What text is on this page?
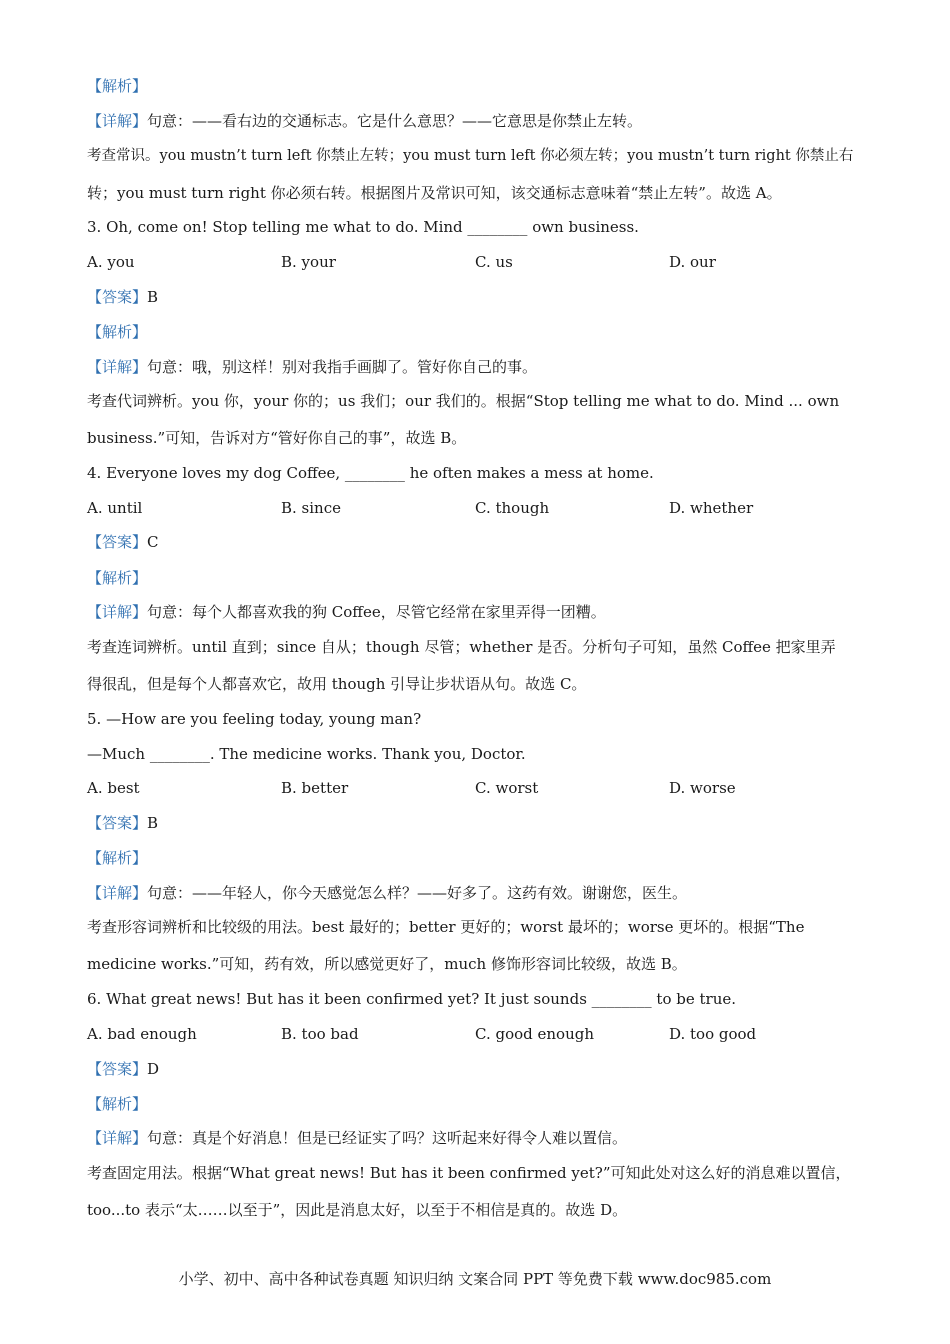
【解析】
【详解】句意：——看右边的交通标志。它是什么意思？——它意思是你禁止左转。
考查常识。you mustn’t turn left 你禁止左转；you must turn left 你必须左转；you mustn’t turn right 你禁止右
转；you must turn right 你必须右转。根据图片及常识可知，该交通标志意味着“禁止左转”。故选 A。
3. Oh, come on! Stop telling me what to do. Mind ________ own business.
A. you	B. your	C. us	D. our
【答案】B
【解析】
【详解】句意：哦，别这样！别对我指手画脚了。管好你自己的事。
考查代词辨析。you 你，your 你的；us 我们；our 我们的。根据“Stop telling me what to do. Mind ... own
business.”可知，告诉对方“管好你自己的事”，故选 B。
4. Everyone loves my dog Coffee, ________ he often makes a mess at home.
A. until	B. since	C. though	D. whether
【答案】C
【解析】
【详解】句意：每个人都喜欢我的狗 Coffee，尽管它经常在家里弄得一团糟。
考查连词辨析。until 直到；since 自从；though 尽管；whether 是否。分析句子可知，虽然 Coffee 把家里弄
得很乱，但是每个人都喜欢它，故用 though 引导让步状语从句。故选 C。
5. —How are you feeling today, young man?
—Much ________. The medicine works. Thank you, Doctor.
A. best	B. better	C. worst	D. worse
【答案】B
【解析】
【详解】句意：——年轻人，你今天感觉怎么样？——好多了。这药有效。谢谢您，医生。
考查形容词辨析和比较级的用法。best 最好的；better 更好的；worst 最坏的；worse 更坏的。根据“The
medicine works.”可知，药有效，所以感觉更好了，much 修饰形容词比较级，故选 B。
6. What great news! But has it been confirmed yet? It just sounds ________ to be true.
A. bad enough	B. too bad	C. good enough	D. too good
【答案】D
【解析】
【详解】句意：真是个好消息！但是已经证实了吗？这听起来好得令人难以置信。
考查固定用法。根据“What great news! But has it been confirmed yet?”可知此处对这么好的消息难以置信，
too...to 表示“太……以至于”，因此是消息太好，以至于不相信是真的。故选 D。
小学、初中、高中各种试卷真题 知识归纳 文案合同 PPT 等免费下载 www.doc985.com
